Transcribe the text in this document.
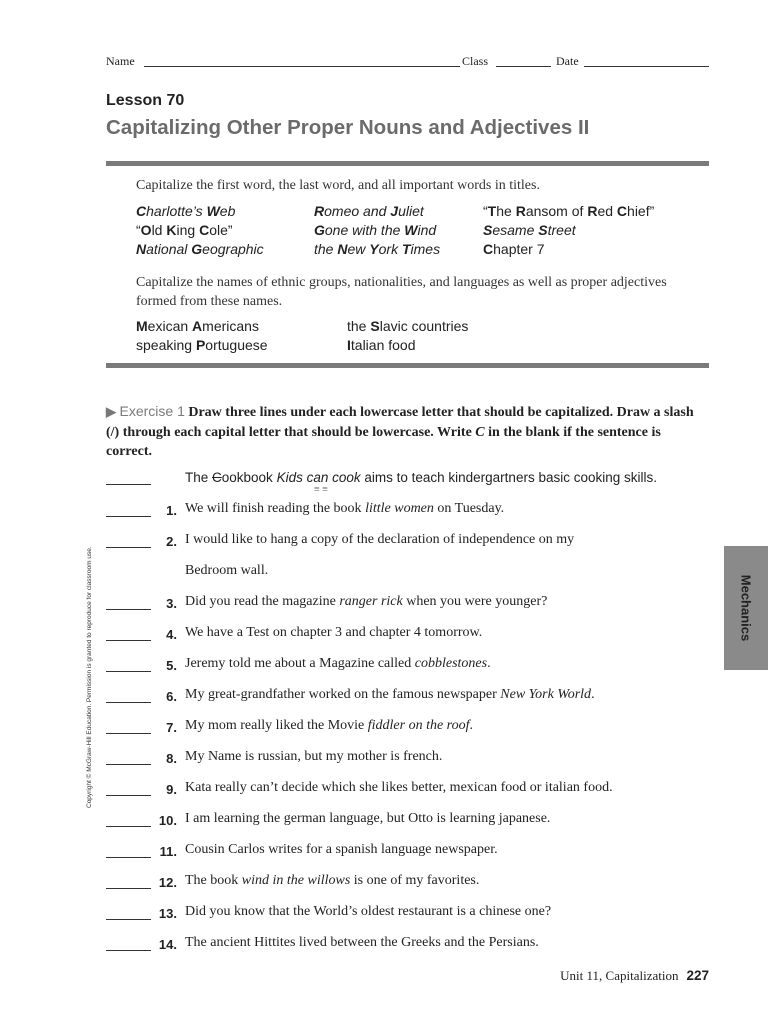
Name	Class	Date
Lesson 70
Capitalizing Other Proper Nouns and Adjectives II
Capitalize the first word, the last word, and all important words in titles.
Charlotte’s Web	Romeo and Juliet	“The Ransom of Red Chief”
“Old King Cole”	Gone with the Wind	Sesame Street
National Geographic	the New York Times	Chapter 7
Capitalize the names of ethnic groups, nationalities, and languages as well as proper adjectives formed from these names.
Mexican Americans	the Slavic countries
speaking Portuguese	Italian food
▶ Exercise 1 Draw three lines under each lowercase letter that should be capitalized. Draw a slash (/) through each capital letter that should be lowercase. Write C in the blank if the sentence is correct.
The Cookbook Kids can cook aims to teach kindergartners basic cooking skills.
≡ ≡
1. We will finish reading the book little women on Tuesday.
2. I would like to hang a copy of the declaration of independence on my
Bedroom wall.
3. Did you read the magazine ranger rick when you were younger?
4. We have a Test on chapter 3 and chapter 4 tomorrow.
5. Jeremy told me about a Magazine called cobblestones.
6. My great-grandfather worked on the famous newspaper New York World.
7. My mom really liked the Movie fiddler on the roof.
8. My Name is russian, but my mother is french.
9. Kata really can’t decide which she likes better, mexican food or italian food.
10. I am learning the german language, but Otto is learning japanese.
11. Cousin Carlos writes for a spanish language newspaper.
12. The book wind in the willows is one of my favorites.
13. Did you know that the World’s oldest restaurant is a chinese one?
14. The ancient Hittites lived between the Greeks and the Persians.
Mechanics
Copyright © McGraw-Hill Education. Permission is granted to reproduce for classroom use.
Unit 11, Capitalization 227
